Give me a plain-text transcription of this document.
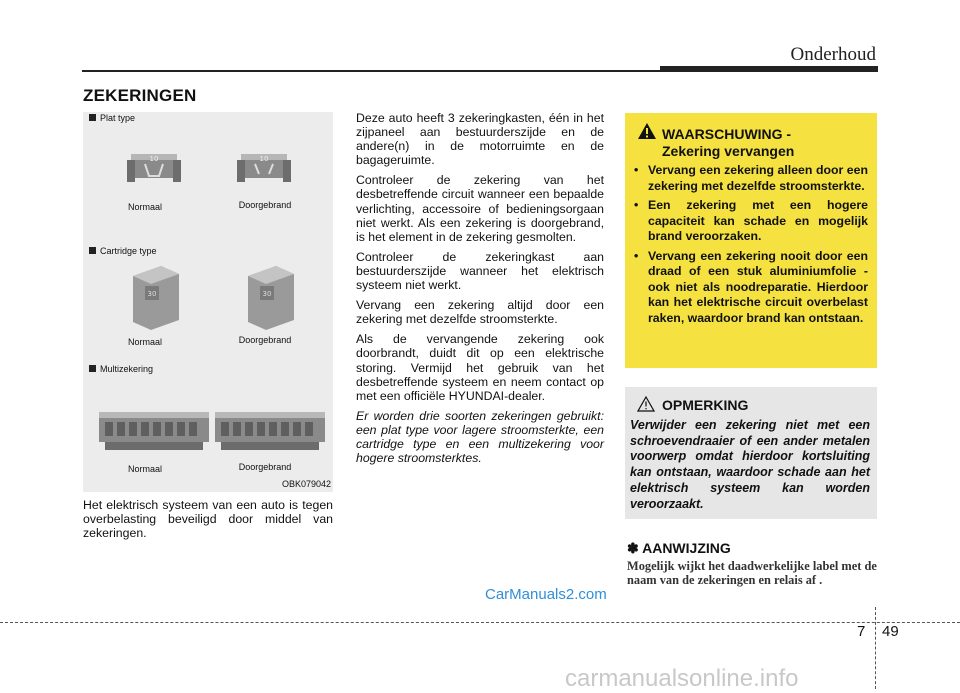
Onderhoud
ZEKERINGEN
Plat type
10	10
Normaal	Doorgebrand
Cartridge type
30	30
Normaal	Doorgebrand
Multizekering
Normaal	Doorgebrand
OBK079042
Het elektrisch systeem van een auto is tegen overbelasting beveiligd door middel van zekeringen.

Deze auto heeft 3 zekeringkasten, één in het zijpaneel aan bestuurderszijde en de andere(n) in de motorruimte en de bagageruimte.

Controleer de zekering van het desbetreffende circuit wanneer een bepaalde verlichting, accessoire of bedieningsorgaan niet werkt. Als een zekering is doorgebrand, is het element in de zekering gesmolten.

Controleer de zekeringkast aan bestuurderszijde wanneer het elektrisch systeem niet werkt.

Vervang een zekering altijd door een zekering met dezelfde stroomsterkte.

Als de vervangende zekering ook doorbrandt, duidt dit op een elektrische storing. Vermijd het gebruik van het desbetreffende systeem en neem contact op met een officiële HYUNDAI-dealer.

Er worden drie soorten zekeringen gebruikt: een plat type voor lagere stroomsterkte, een cartridge type en een multizekering voor hogere stroomsterktes.

WAARSCHUWING -
Zekering vervangen
• Vervang een zekering alleen door een zekering met dezelfde stroomsterkte.
• Een zekering met een hogere capaciteit kan schade en mogelijk brand veroorzaken.
• Vervang een zekering nooit door een draad of een stuk aluminiumfolie - ook niet als noodreparatie. Hierdoor kan het elektrische circuit overbelast raken, waardoor brand kan ontstaan.
OPMERKING
Verwijder een zekering niet met een schroevendraaier of een ander metalen voorwerp omdat hierdoor kortsluiting kan ontstaan, waardoor schade aan het elektrisch systeem kan worden veroorzaakt.
✽ AANWIJZING
Mogelijk wijkt het daadwerkelijke label met de naam van de zekeringen en relais af .
CarManuals2.com
7 49
carmanualsonline.info
